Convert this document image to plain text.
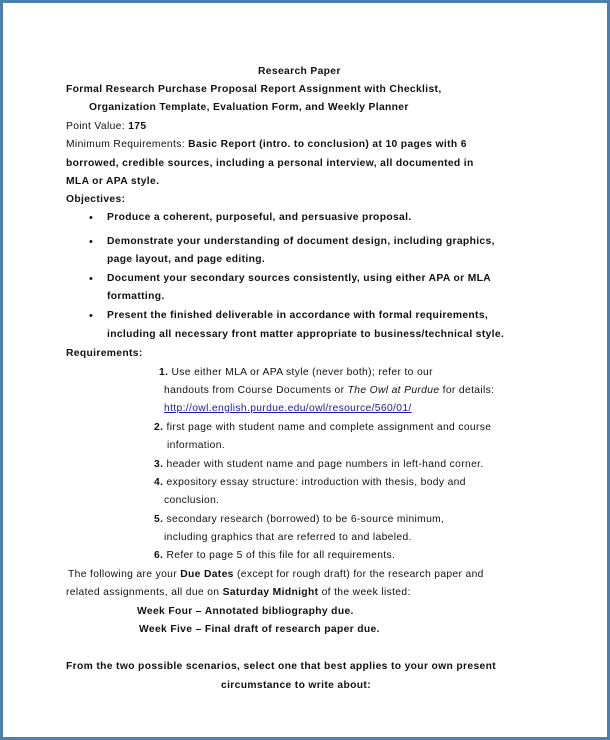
Research Paper
Formal Research Purchase Proposal Report Assignment with Checklist,
Organization Template, Evaluation Form, and Weekly Planner
Point Value: 175
Minimum Requirements: Basic Report (intro. to conclusion) at 10 pages with 6
borrowed, credible sources, including a personal interview, all documented in
MLA or APA style.
Objectives:
• Produce a coherent, purposeful, and persuasive proposal.
• Demonstrate your understanding of document design, including graphics,
page layout, and page editing.
• Document your secondary sources consistently, using either APA or MLA
formatting.
• Present the finished deliverable in accordance with formal requirements,
including all necessary front matter appropriate to business/technical style.
Requirements:
1. Use either MLA or APA style (never both); refer to our
handouts from Course Documents or The Owl at Purdue for details:
http://owl.english.purdue.edu/owl/resource/560/01/
2. first page with student name and complete assignment and course
information.
3. header with student name and page numbers in left-hand corner.
4. expository essay structure: introduction with thesis, body and
conclusion.
5. secondary research (borrowed) to be 6-source minimum,
including graphics that are referred to and labeled.
6. Refer to page 5 of this file for all requirements.
The following are your Due Dates (except for rough draft) for the research paper and
related assignments, all due on Saturday Midnight of the week listed:
Week Four – Annotated bibliography due.
Week Five – Final draft of research paper due.
From the two possible scenarios, select one that best applies to your own present
circumstance to write about:
